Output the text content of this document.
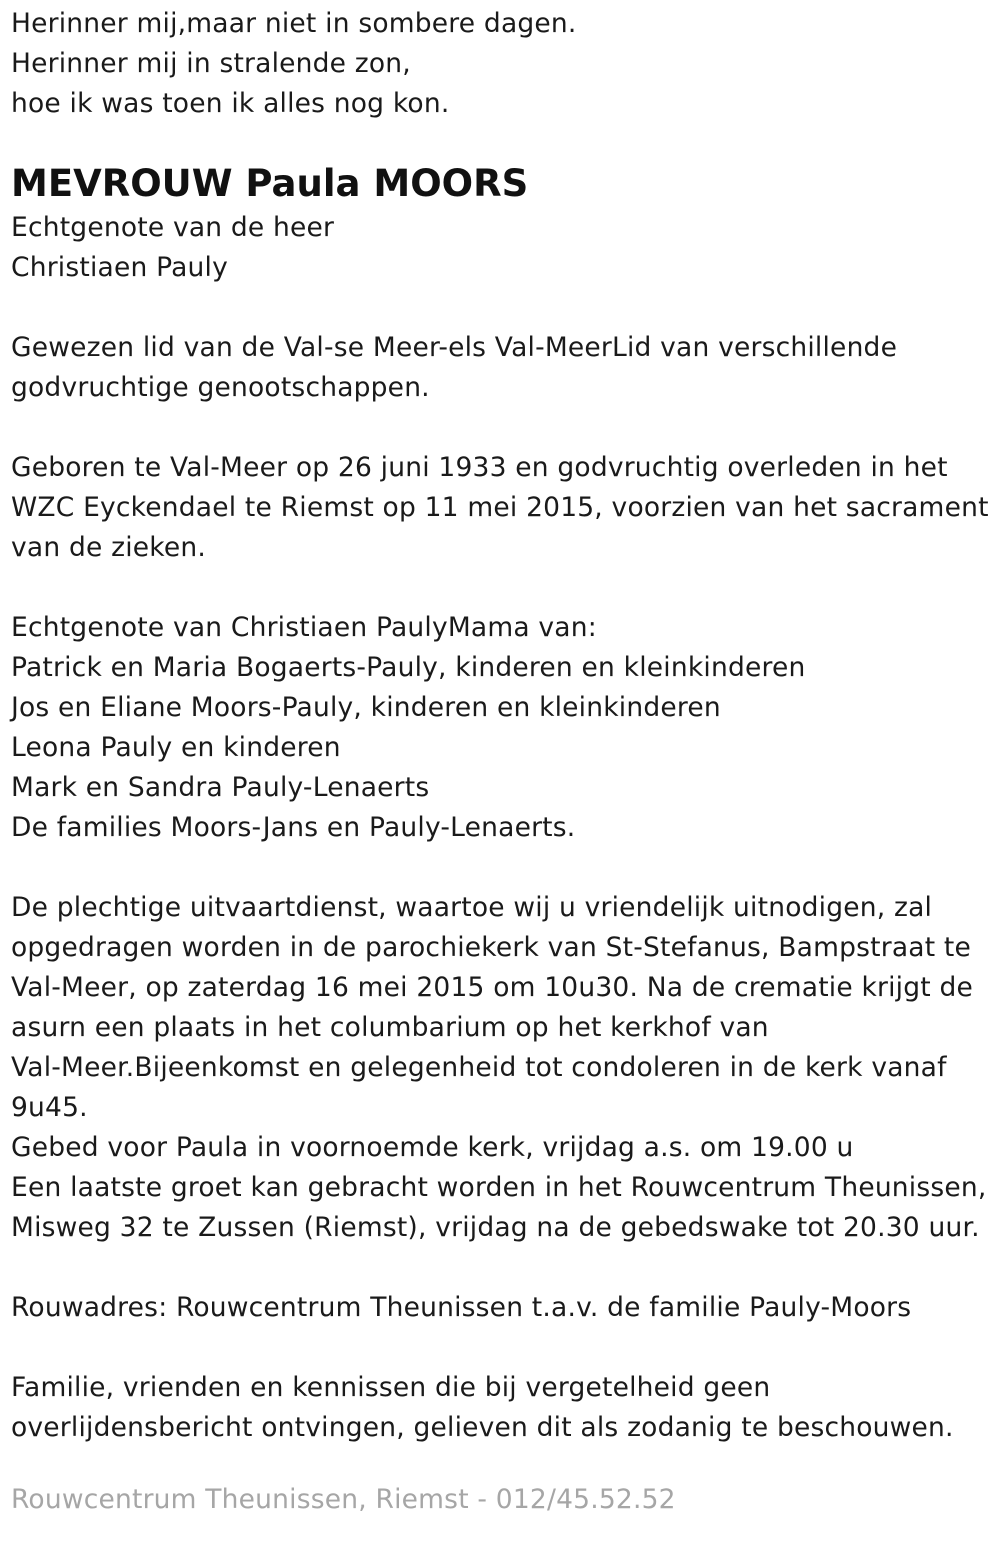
Herinner mij,maar niet in sombere dagen.
Herinner mij in stralende zon,
hoe ik was toen ik alles nog kon.
MEVROUW Paula MOORS
Echtgenote van de heer
Christiaen Pauly
Gewezen lid van de Val-se Meer-els Val-MeerLid van verschillende
godvruchtige genootschappen.
Geboren te Val-Meer op 26 juni 1933 en godvruchtig overleden in het
WZC Eyckendael te Riemst op 11 mei 2015, voorzien van het sacrament
van de zieken.
Echtgenote van Christiaen PaulyMama van:
Patrick en Maria Bogaerts-Pauly, kinderen en kleinkinderen
Jos en Eliane Moors-Pauly, kinderen en kleinkinderen
Leona Pauly en kinderen
Mark en Sandra Pauly-Lenaerts
De families Moors-Jans en Pauly-Lenaerts.
De plechtige uitvaartdienst, waartoe wij u vriendelijk uitnodigen, zal
opgedragen worden in de parochiekerk van St-Stefanus, Bampstraat te
Val-Meer, op zaterdag 16 mei 2015 om 10u30. Na de crematie krijgt de
asurn een plaats in het columbarium op het kerkhof van
Val-Meer.Bijeenkomst en gelegenheid tot condoleren in de kerk vanaf
9u45.
Gebed voor Paula in voornoemde kerk, vrijdag a.s. om 19.00 u
Een laatste groet kan gebracht worden in het Rouwcentrum Theunissen,
Misweg 32 te Zussen (Riemst), vrijdag na de gebedswake tot 20.30 uur.
Rouwadres: Rouwcentrum Theunissen t.a.v. de familie Pauly-Moors
Familie, vrienden en kennissen die bij vergetelheid geen
overlijdensbericht ontvingen, gelieven dit als zodanig te beschouwen.
Rouwcentrum Theunissen, Riemst - 012/45.52.52
